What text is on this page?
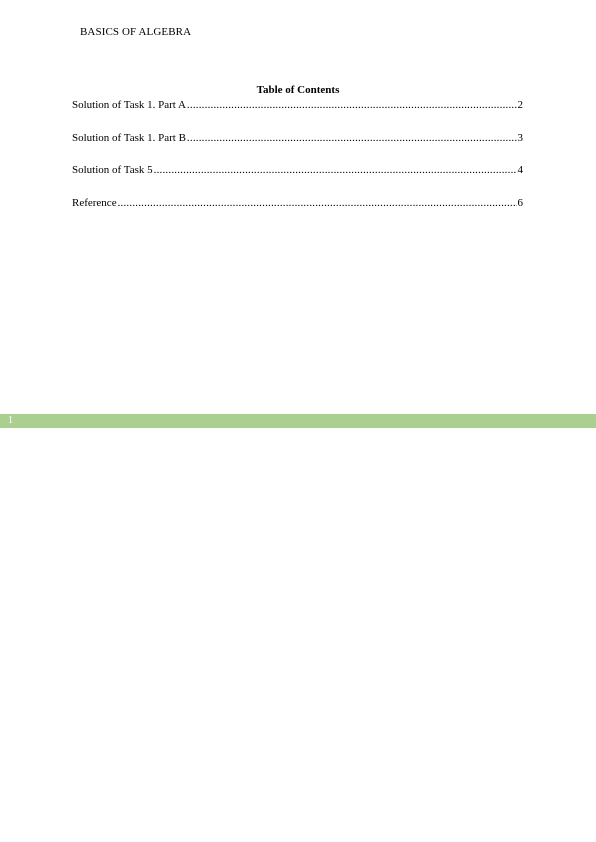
BASICS OF ALGEBRA
Table of Contents
Solution of Task 1. Part A .....	2
Solution of Task 1. Part B .....	3
Solution of Task 5 .....	4
Reference .....	6
1
